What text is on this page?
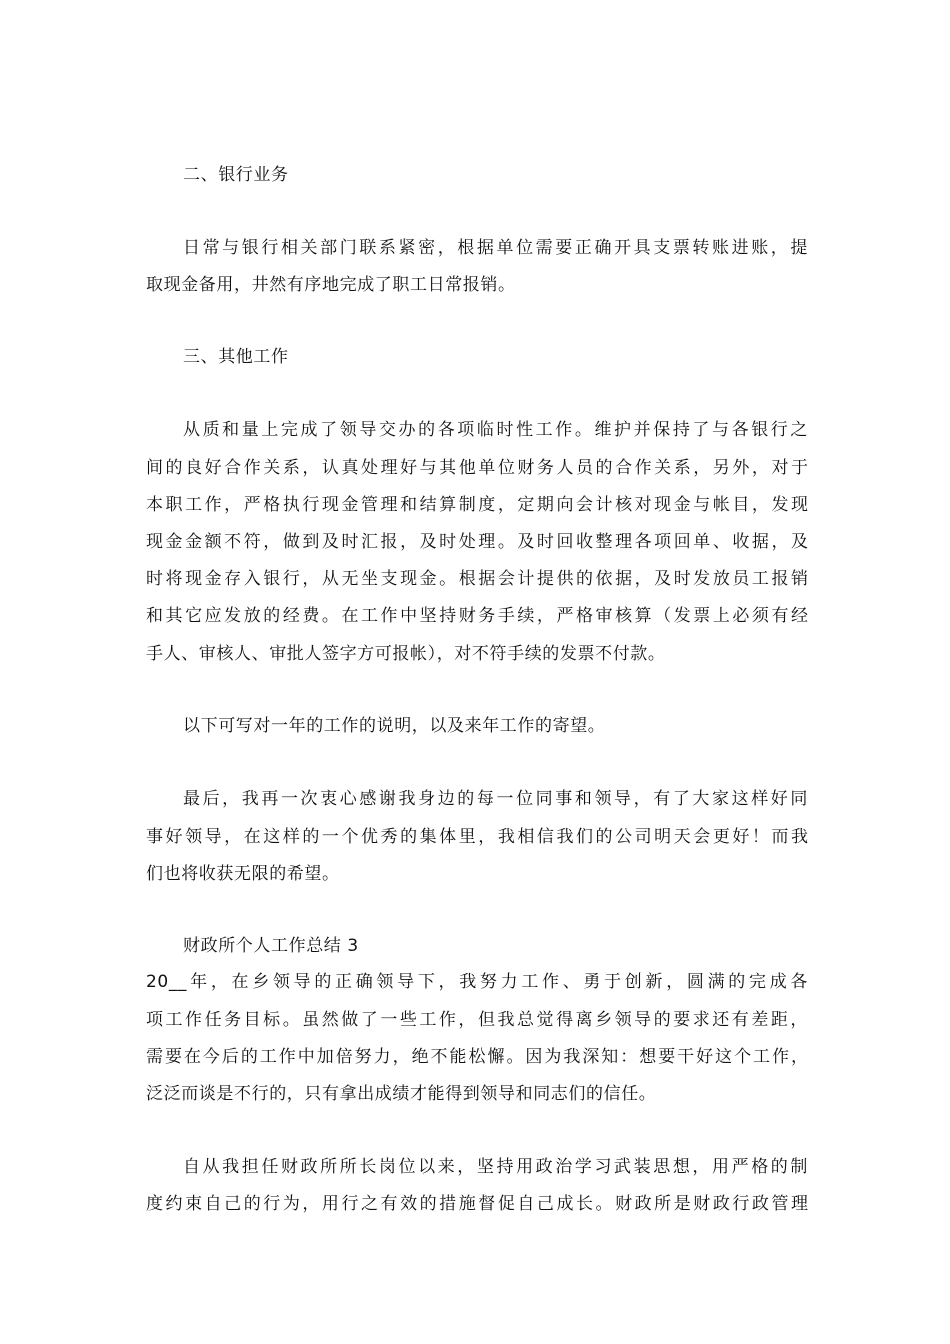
二、银行业务
日常与银行相关部门联系紧密，根据单位需要正确开具支票转账进账，提
取现金备用，井然有序地完成了职工日常报销。
三、其他工作
从质和量上完成了领导交办的各项临时性工作。维护并保持了与各银行之
间的良好合作关系，认真处理好与其他单位财务人员的合作关系，另外，对于
本职工作，严格执行现金管理和结算制度，定期向会计核对现金与帐目，发现
现金金额不符，做到及时汇报，及时处理。及时回收整理各项回单、收据，及
时将现金存入银行，从无坐支现金。根据会计提供的依据，及时发放员工报销
和其它应发放的经费。在工作中坚持财务手续，严格审核算（发票上必须有经
手人、审核人、审批人签字方可报帐），对不符手续的发票不付款。
以下可写对一年的工作的说明，以及来年工作的寄望。
最后，我再一次衷心感谢我身边的每一位同事和领导，有了大家这样好同
事好领导，在这样的一个优秀的集体里，我相信我们的公司明天会更好！而我
们也将收获无限的希望。
财政所个人工作总结 3
20__年，在乡领导的正确领导下，我努力工作、勇于创新，圆满的完成各
项工作任务目标。虽然做了一些工作，但我总觉得离乡领导的要求还有差距，
需要在今后的工作中加倍努力，绝不能松懈。因为我深知：想要干好这个工作，
泛泛而谈是不行的，只有拿出成绩才能得到领导和同志们的信任。
自从我担任财政所所长岗位以来，坚持用政治学习武装思想，用严格的制
度约束自己的行为，用行之有效的措施督促自己成长。财政所是财政行政管理
